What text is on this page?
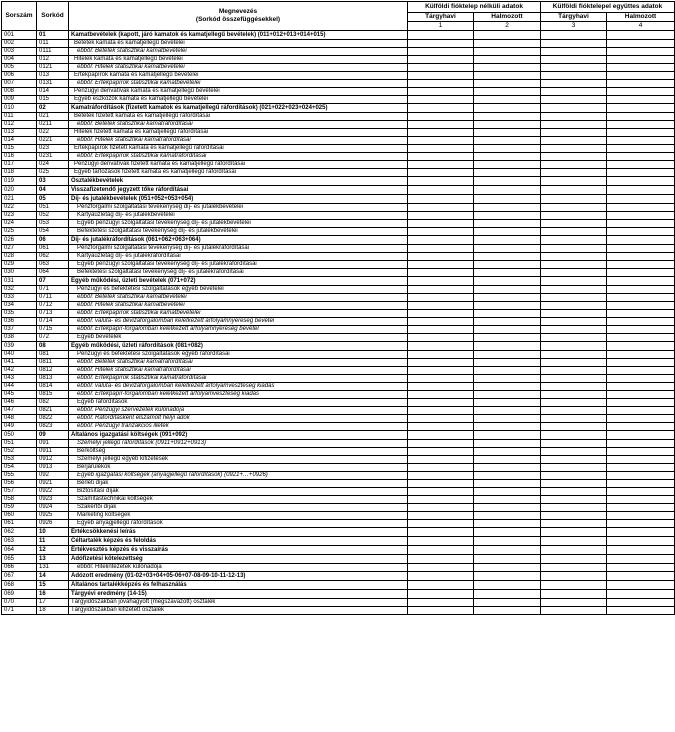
Sorszám	Sorkód	Megnevezés
(Sorkód összefüggésekkel)	Külföldi fióktelep nélküli adatok		Külföldi fióktelepel együttes adatok	
			Tárgyhavi	Halmozott	Tárgyhavi	Halmozott
			1	2	3	4
001	01	Kamatbevételek (kapott, járó kamatok és kamatjellegű bevételek) (011+012+013+014+015)				
002	011	Betétek kamata és kamatjellegű bevételei				
003	0111	ebből: Betétek statisztikai kamatbevételei				
004	012	Hitelek kamata és kamatjellegű bevételei				
005	0121	ebből: Hitelek statisztikai kamatbevételei				
006	013	Értékpapírok kamata és kamatjellegű bevételei				
007	0131	ebből: Értékpapírok statisztikai kamatbevételei				
008	014	Pénzügyi derivatívák kamata és kamatjellegű bevételei				
009	015	Egyéb eszközök kamata és kamatjellegű bevételei				
010	02	Kamatráfordítások (fizetett kamatok és kamatjellegű ráfordítások) (021+022+023+024+025)				
011	021	Betétek fizetett kamata és kamatjellegű ráfordításai				
012	0211	ebből: Betétek statisztikai kamatráfordításai				
013	022	Hitelek fizetett kamata és kamatjellegű ráfordításai				
014	0221	ebből: Hitelek statisztikai kamatráfordításai				
015	023	Értékpapírok fizetett kamata és kamatjellegű ráfordításai				
016	0231	ebből: Értékpapírok statisztikai kamatráfordításai				
017	024	Pénzügyi derivatívák fizetett kamata és kamatjellegű ráfordításai				
018	025	Egyéb tartozások fizetett kamata és kamatjellegű ráfordításai				
019	03	Osztalékbevételek				
020	04	Visszafizetendő jegyzett tőke ráfordításai				
021	05	Díj- és jutalékbevételek (051+052+053+054)				
022	051	Pénzforgalmi szolgáltatási tevékenység díj- és jutalékbevételei				
023	052	Kártyaüzletág díj- és jutalékbevételei				
024	053	Egyéb pénzügyi szolgáltatási tevékenység díj- és jutalékbevételei				
025	054	Befektetési szolgáltatási tevékenység díj- és jutalékbevételei				
026	06	Díj- és jutalékráfordítások (061+062+063+064)				
027	061	Pénzforgalmi szolgáltatási tevékenység díj- és jutalékráfordításai				
028	062	Kártyaüzletág díj- és jutalékráfordításai				
029	063	Egyéb pénzügyi szolgáltatási tevékenység díj- és jutalékráfordításai				
030	064	Befektetési szolgáltatási tevékenység díj- és jutalékráfordításai				
031	07	Egyéb működési, üzleti bevételek (071+072)				
032	071	Pénzügyi és befektetési szolgáltatások egyéb bevételei				
033	0711	ebből: Betétek statisztikai kamatbevételei				
034	0712	ebből: Hitelek statisztikai kamatbevételei				
035	0713	ebből: Értékpapírok statisztikai kamatbevételei				
036	0714	ebből: valuta- és devizaforgalomban keletkezett árfolyamnyereség bevétel				
037	0715	ebből: Értékpapír-forgalomban keletkezett árfolyamnyereség bevétel				
038	072	Egyéb bevételek				
039	08	Egyéb működési, üzleti ráfordítások (081+082)				
040	081	Pénzügyi és befektetési szolgáltatások egyéb ráfordításai				
041	0811	ebből: Betétek statisztikai kamatráfordításai				
042	0812	ebből: Hitelek statisztikai kamatráfordításai				
043	0813	ebből: Értékpapírok statisztikai kamatráfordításai				
044	0814	ebből: valuta- és devizaforgalomban keletkezett árfolyamveszteség kiadás				
045	0815	ebből: Értékpapír-forgalomban keletkezett árfolyamveszteség kiadás				
046	082	Egyéb ráfordítások				
047	0821	ebből: Pénzügyi szervezetek különadója				
048	0822	ebből: Ráfordításként elszámolt helyi adók				
049	0823	ebből: Pénzügyi tranzakciós illeték				
050	09	Általános igazgatási költségek (091+092)				
051	091	Személyi jellegű ráfordítások (0911+0912+0913)				
052	0911	Bérköltség				
053	0912	Személyi jellegű egyéb kifizetések				
054	0913	Bérjárulékok				
055	092	Egyéb igazgatási költségek (anyagjellegű ráfordítások) (0921+…+0926)				
056	0921	Bérleti díjak				
057	0922	Biztosítási díjak				
058	0923	Számítástechnikai költségek				
059	0924	Szakértői díjak				
060	0925	Marketing költségek				
061	0926	Egyéb anyagjellegű ráfordítások				
062	10	Értékcsökkenési leírás				
063	11	Céltartalék képzés és feloldás				
064	12	Értékvesztés képzés és visszaírás				
065	13	Adófizetési kötelezettség				
066	131	ebből: Hitelintézetek különadója				
067	14	Adózott eredmény (01-02+03+04+05-06+07-08-09-10-11-12-13)				
068	15	Általános tartalékképzés és felhasználás				
069	16	Tárgyévi eredmény (14-15)				
070	17	Tárgyidőszakban jóváhagyott (megszavazott) osztalék				
071	18	Tárgyidőszakban kifizetett osztalék				
